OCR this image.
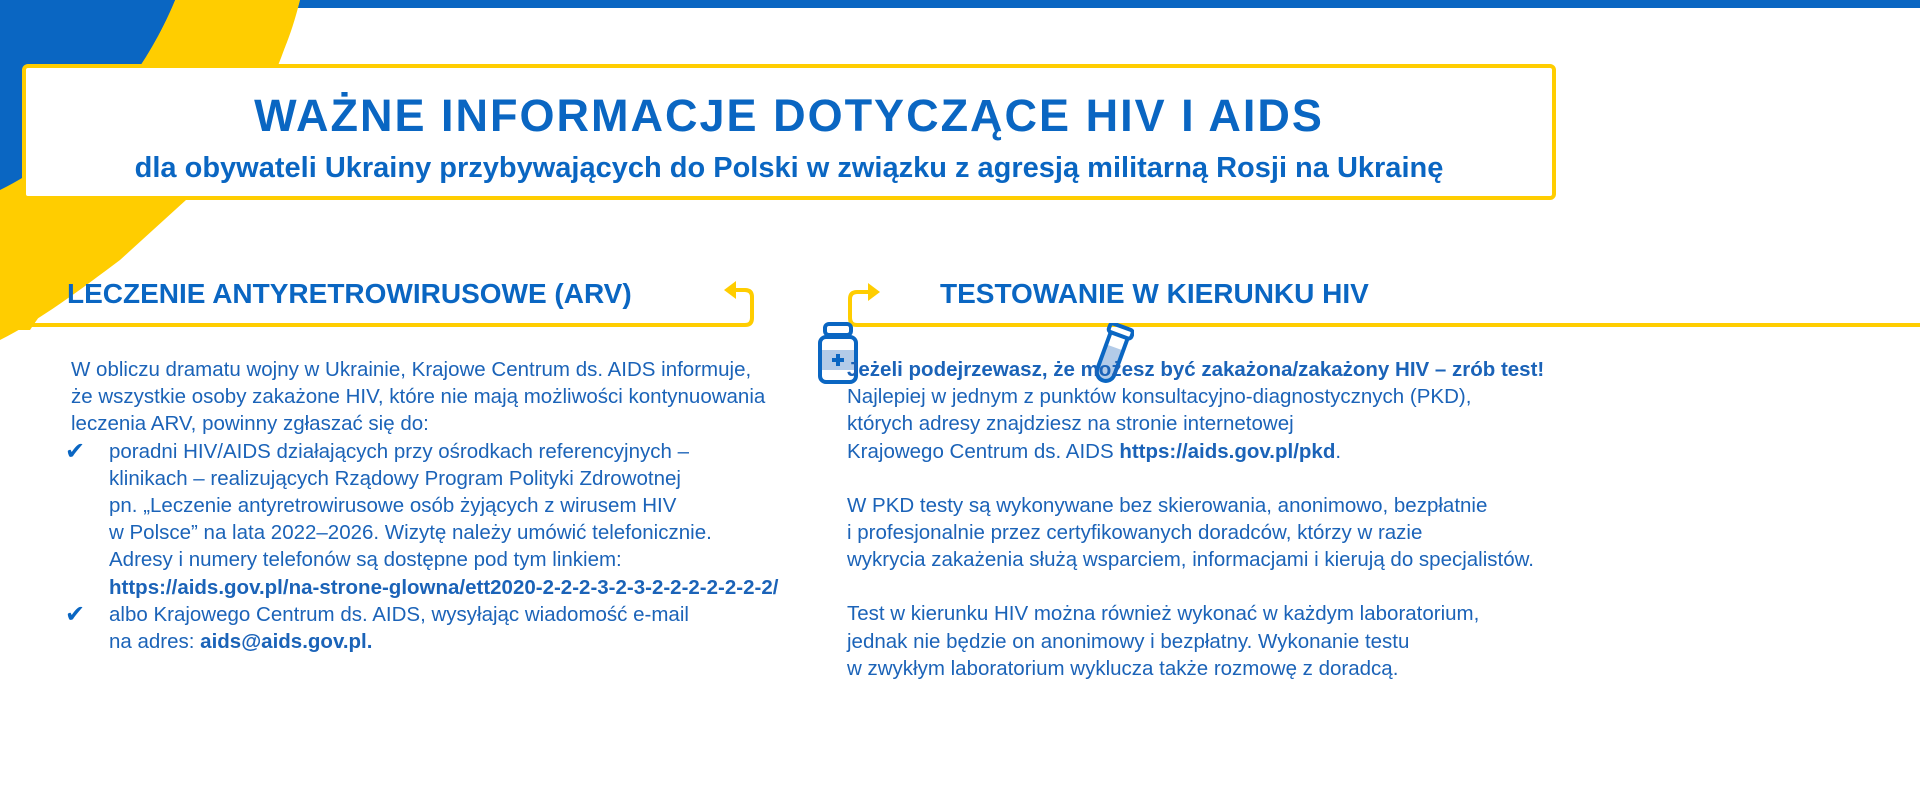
WAŻNE INFORMACJE DOTYCZĄCE HIV I AIDS
dla obywateli Ukrainy przybywających do Polski w związku z agresją militarną Rosji na Ukrainę
LECZENIE ANTYRETROWIRUSOWE (ARV)	TESTOWANIE W KIERUNKU HIV

W obliczu dramatu wojny w Ukrainie, Krajowe Centrum ds. AIDS informuje,

że wszystkie osoby zakażone HIV, które nie mają możliwości kontynuowania

leczenia ARV, powinny zgłaszać się do:

✔ poradni HIV/AIDS działających przy ośrodkach referencyjnych –

klinikach – realizujących Rządowy Program Polityki Zdrowotnej

pn. „Leczenie antyretrowirusowe osób żyjących z wirusem HIV

w Polsce” na lata 2022–2026. Wizytę należy umówić telefonicznie.

Adresy i numery telefonów są dostępne pod tym linkiem:

https://aids.gov.pl/na-strone-glowna/ett2020-2-2-2-3-2-3-2-2-2-2-2-2-2/

✔ albo Krajowego Centrum ds. AIDS, wysyłając wiadomość e-mail

na adres: aids@aids.gov.pl.

Jeżeli podejrzewasz, że możesz być zakażona/zakażony HIV – zrób test!

Najlepiej w jednym z punktów konsultacyjno-diagnostycznych (PKD),

których adresy znajdziesz na stronie internetowej

Krajowego Centrum ds. AIDS https://aids.gov.pl/pkd.

W PKD testy są wykonywane bez skierowania, anonimowo, bezpłatnie

i profesjonalnie przez certyfikowanych doradców, którzy w razie

wykrycia zakażenia służą wsparciem, informacjami i kierują do specjalistów.

Test w kierunku HIV można również wykonać w każdym laboratorium,

jednak nie będzie on anonimowy i bezpłatny. Wykonanie testu

w zwykłym laboratorium wyklucza także rozmowę z doradcą.
